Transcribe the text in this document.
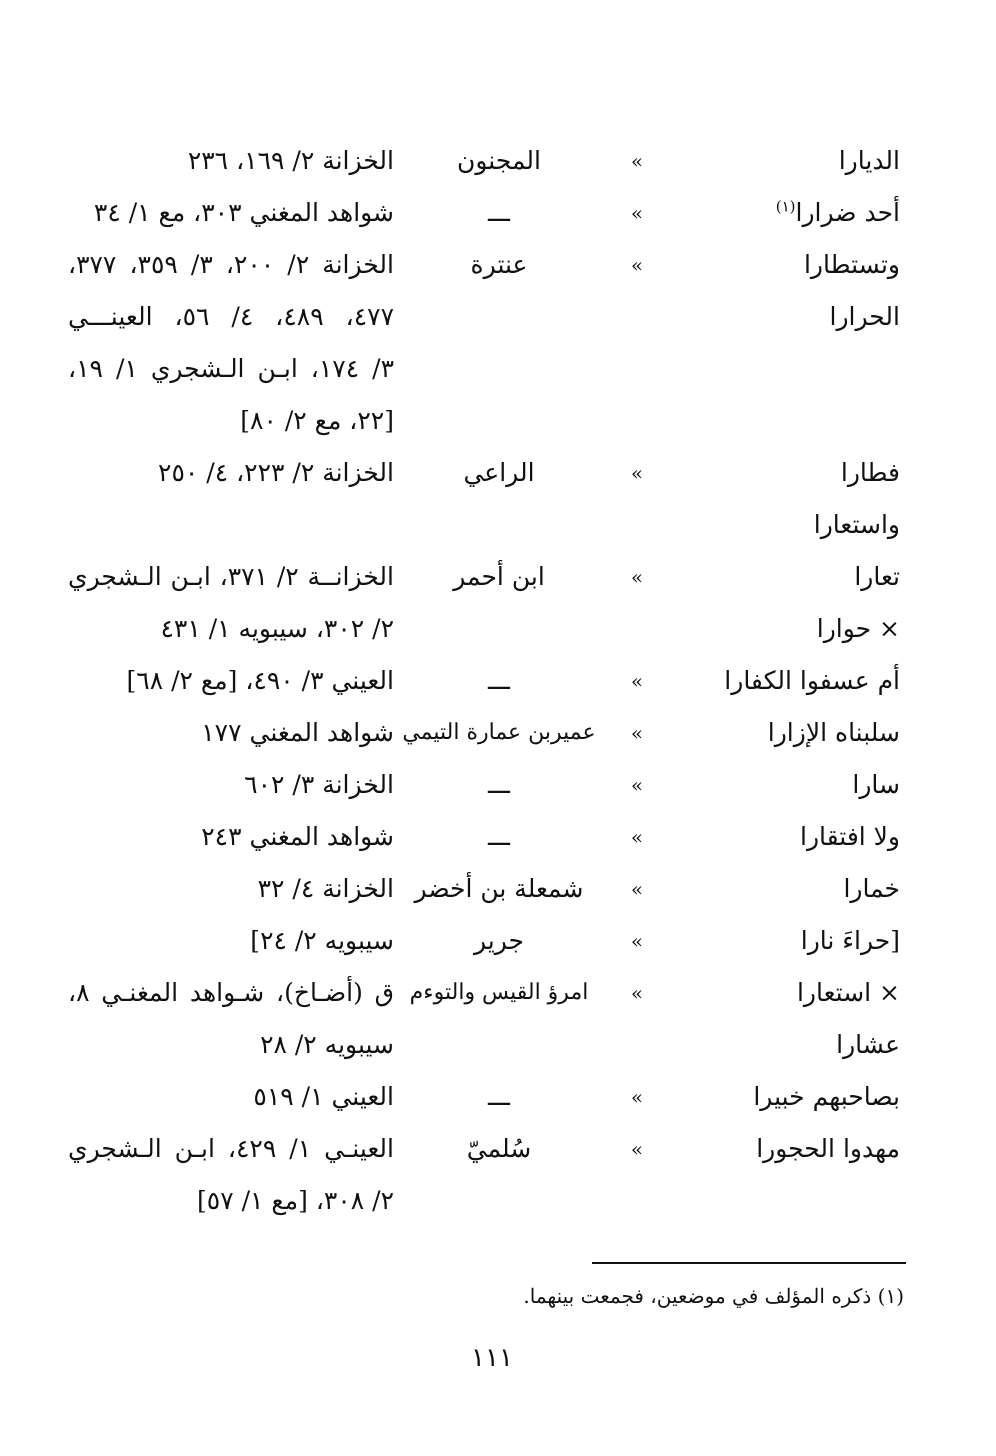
الديارا
»
المجنون
الخزانة ٢/ ١٦٩، ٢٣٦
أحد ضرارا$^{(١)}$
»
ـــ
شواهد المغني ٣٠٣، مع ١/ ٣٤
وتستطارا
الحرارا
»
عنترة
الخزانة ٢/ ٢٠٠، ٣/ ٣٥٩، ٣٧٧،
٤٧٧، ٤٨٩، ٤/ ٥٦، العينـــي
٣/ ١٧٤، ابـن الـشجري ١/ ١٩،
[٢٢، مع ٢/ ٨٠]
فطارا
واستعارا
»
الراعي
الخزانة ٢/ ٢٢٣، ٤/ ٢٥٠
تعارا
× حوارا
»
ابن أحمر
الخزانــة ٢/ ٣٧١، ابـن الـشجري
٢/ ٣٠٢، سيبويه ١/ ٤٣١
أم عسفوا الكفارا
»
ـــ
العيني ٣/ ٤٩٠، [مع ٢/ ٦٨]
سلبناه الإزارا
»
عميربن عمارة التيمي
شواهد المغني ١٧٧
سارا
»
ـــ
الخزانة ٣/ ٦٠٢
ولا افتقارا
»
ـــ
شواهد المغني ٢٤٣
خمارا
»
شمعلة بن أخضر
الخزانة ٤/ ٣٢
[حراءَ نارا
»
جرير
سيبويه ٢/ ٢٤]
× استعارا
عشارا
»
امرؤ القيس والتوءم
ق (أضـاخ)، شـواهد المغنـي ٨،
سيبويه ٢/ ٢٨
بصاحبهم خبيرا
»
ـــ
العيني ١/ ٥١٩
مهدوا الحجورا
»
سُلميّ
العينـي ١/ ٤٢٩، ابـن الـشجري
٢/ ٣٠٨، [مع ١/ ٥٧]
(١) ذكره المؤلف في موضعين، فجمعت بينهما.
١١١
